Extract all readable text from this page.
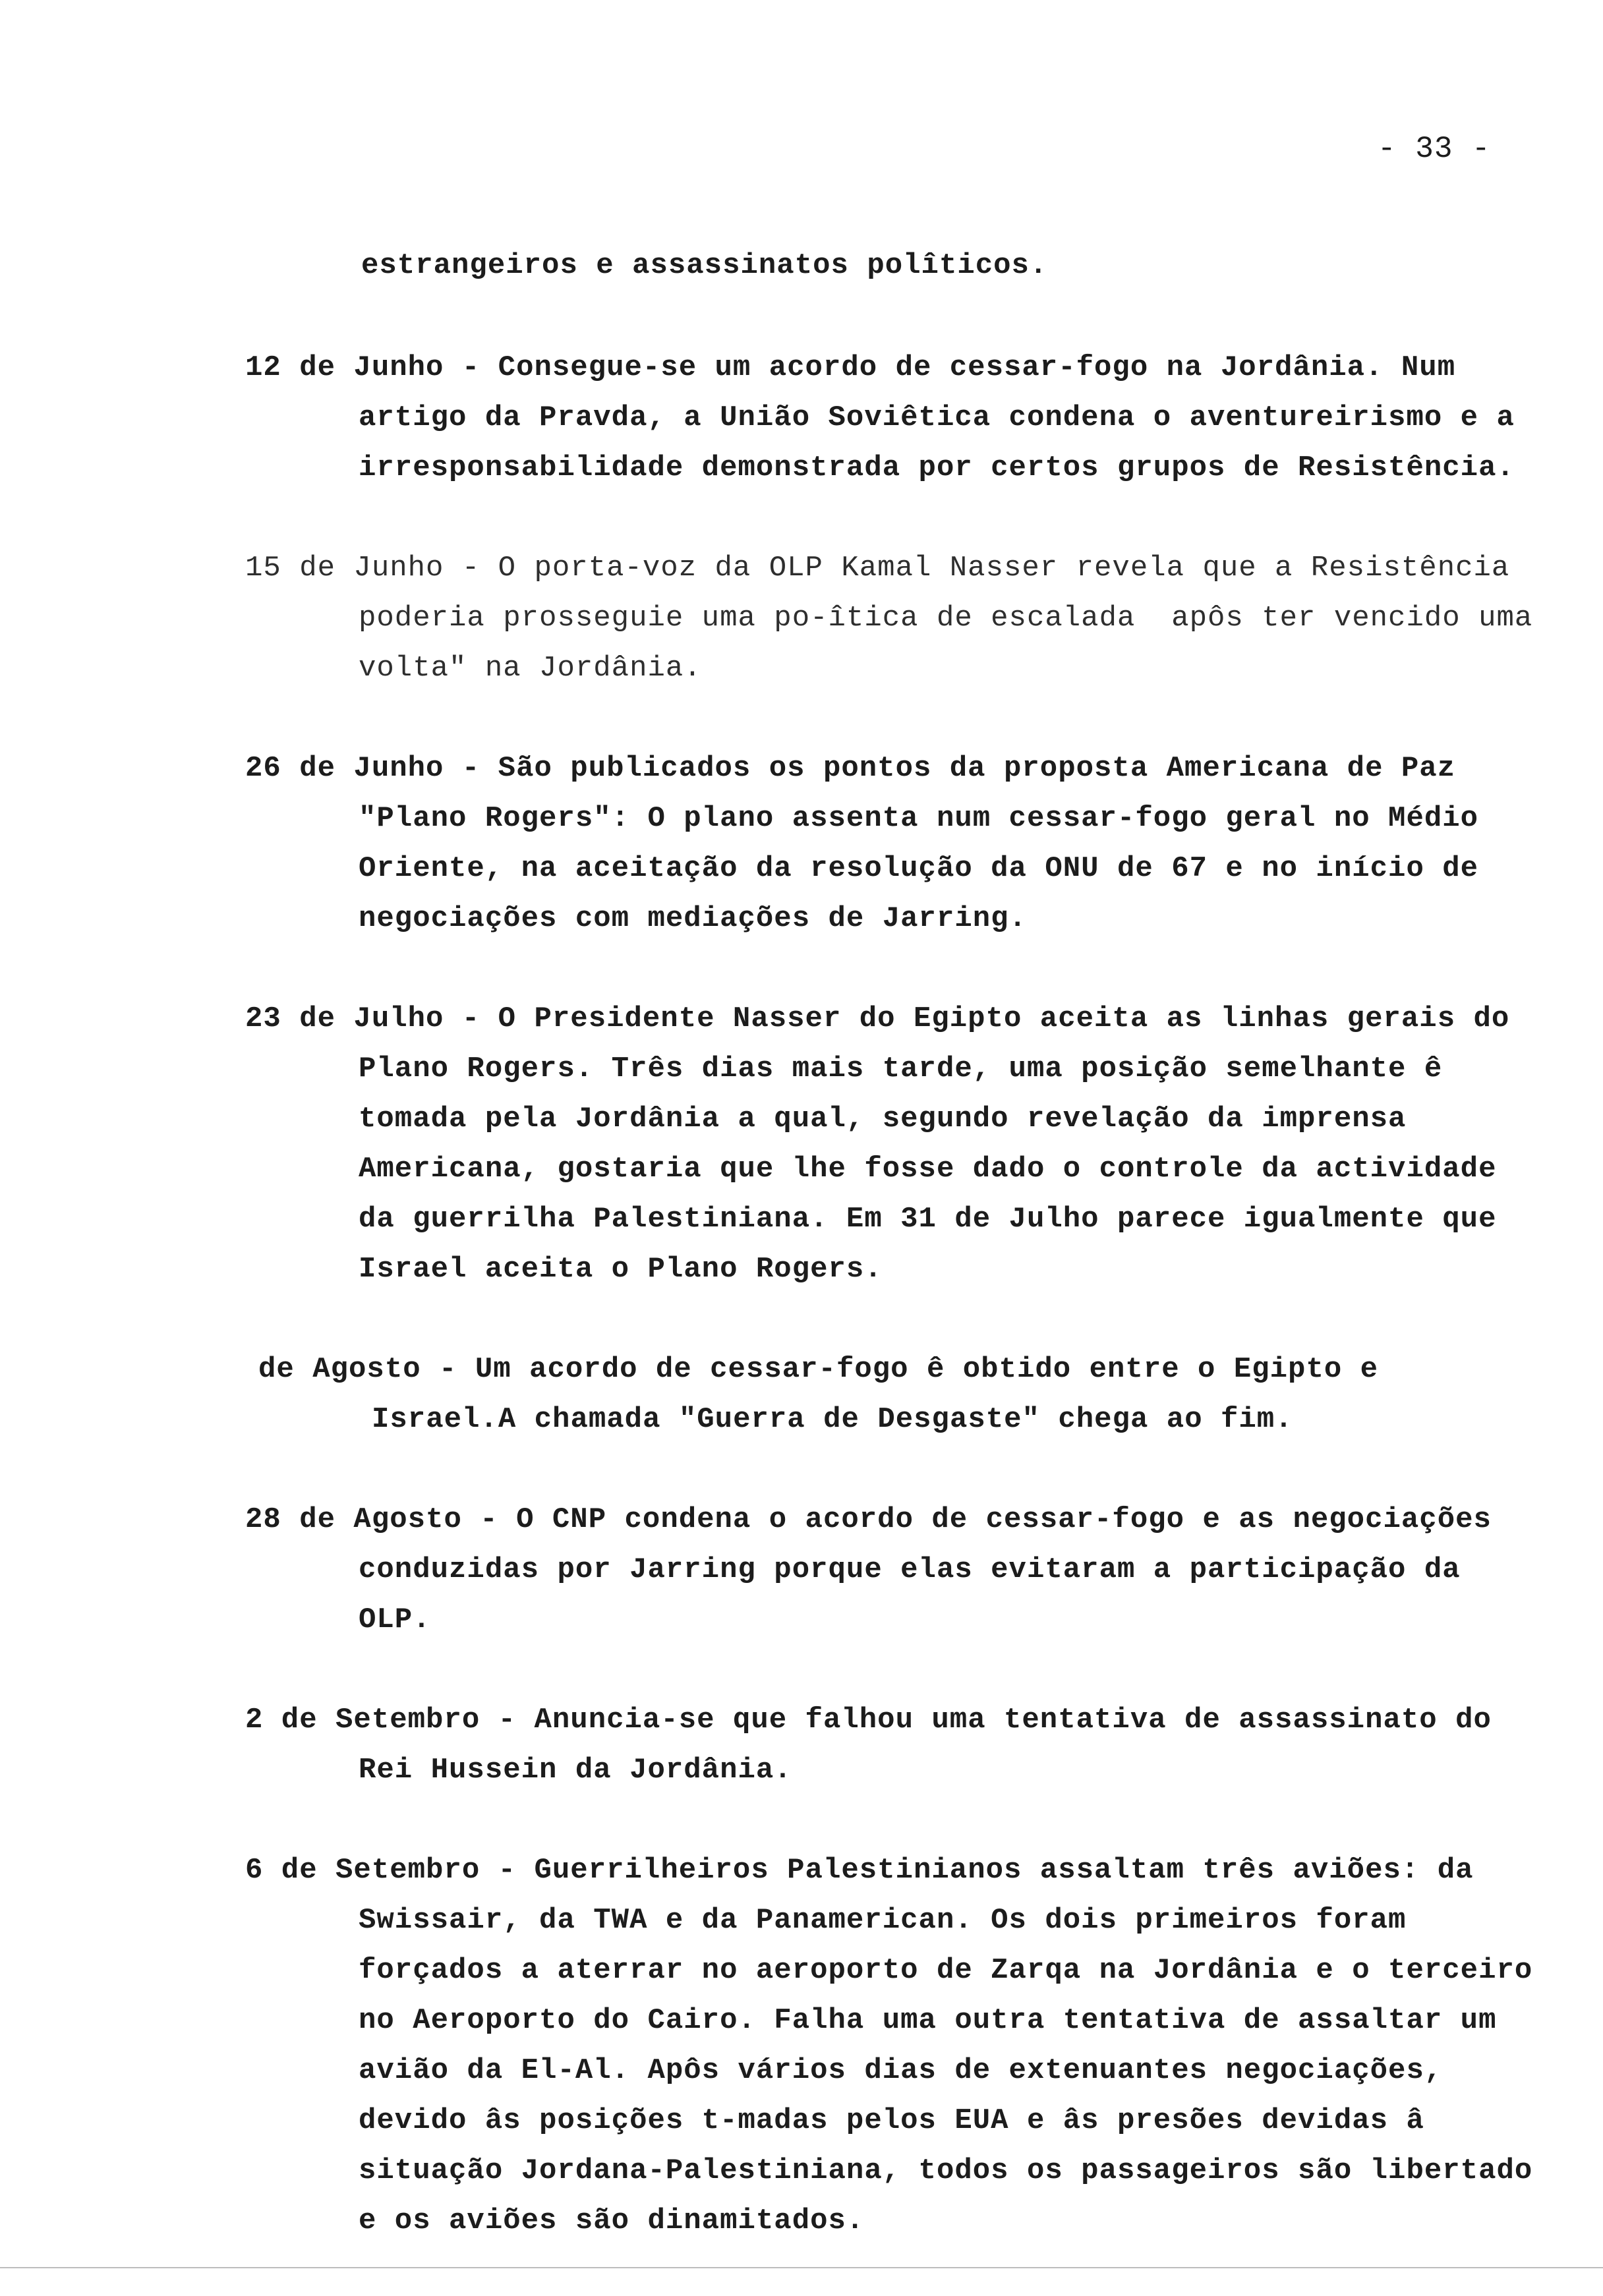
- 33 -
estrangeiros e assassinatos polîticos.
12 de Junho - Consegue-se um acordo de cessar-fogo na Jordânia. Num artigo da Pravda, a União Soviêtica condena o aventureirismo e a irresponsabilidade demonstrada por certos grupos de Resistência.
15 de Junho - O porta-voz da OLP Kamal Nasser revela que a Resistência poderia prosseguie uma po-îtica de escalada  apôs ter vencido uma volta" na Jordânia.
26 de Junho - São publicados os pontos da proposta Americana de Paz "Plano Rogers": O plano assenta num cessar-fogo geral no Médio Oriente, na aceitação da resolução da ONU de 67 e no início de negociações com mediações de Jarring.
23 de Julho - O Presidente Nasser do Egipto aceita as linhas gerais do Plano Rogers. Três dias mais tarde, uma posição semelhante ê tomada pela Jordânia a qual, segundo revelação da imprensa Americana, gostaria que lhe fosse dado o controle da actividade da guerrilha Palestiniana. Em 31 de Julho parece igualmente que Israel aceita o Plano Rogers.
de Agosto - Um acordo de cessar-fogo ê obtido entre o Egipto e Israel.A chamada "Guerra de Desgaste" chega ao fim.
28 de Agosto - O CNP condena o acordo de cessar-fogo e as negociações conduzidas por Jarring porque elas evitaram a participação da OLP.
2 de Setembro - Anuncia-se que falhou uma tentativa de assassinato do Rei Hussein da Jordânia.
6 de Setembro - Guerrilheiros Palestinianos assaltam três aviões: da Swissair, da TWA e da Panamerican. Os dois primeiros foram forçados a aterrar no aeroporto de Zarqa na Jordânia e o terceiro no Aeroporto do Cairo. Falha uma outra tentativa de assaltar um avião da El-Al. Apôs vários dias de extenuantes negociações, devido âs posições t-madas pelos EUA e âs presões devidas â situação Jordana-Palestiniana, todos os passageiros são libertado e os aviões são dinamitados.
